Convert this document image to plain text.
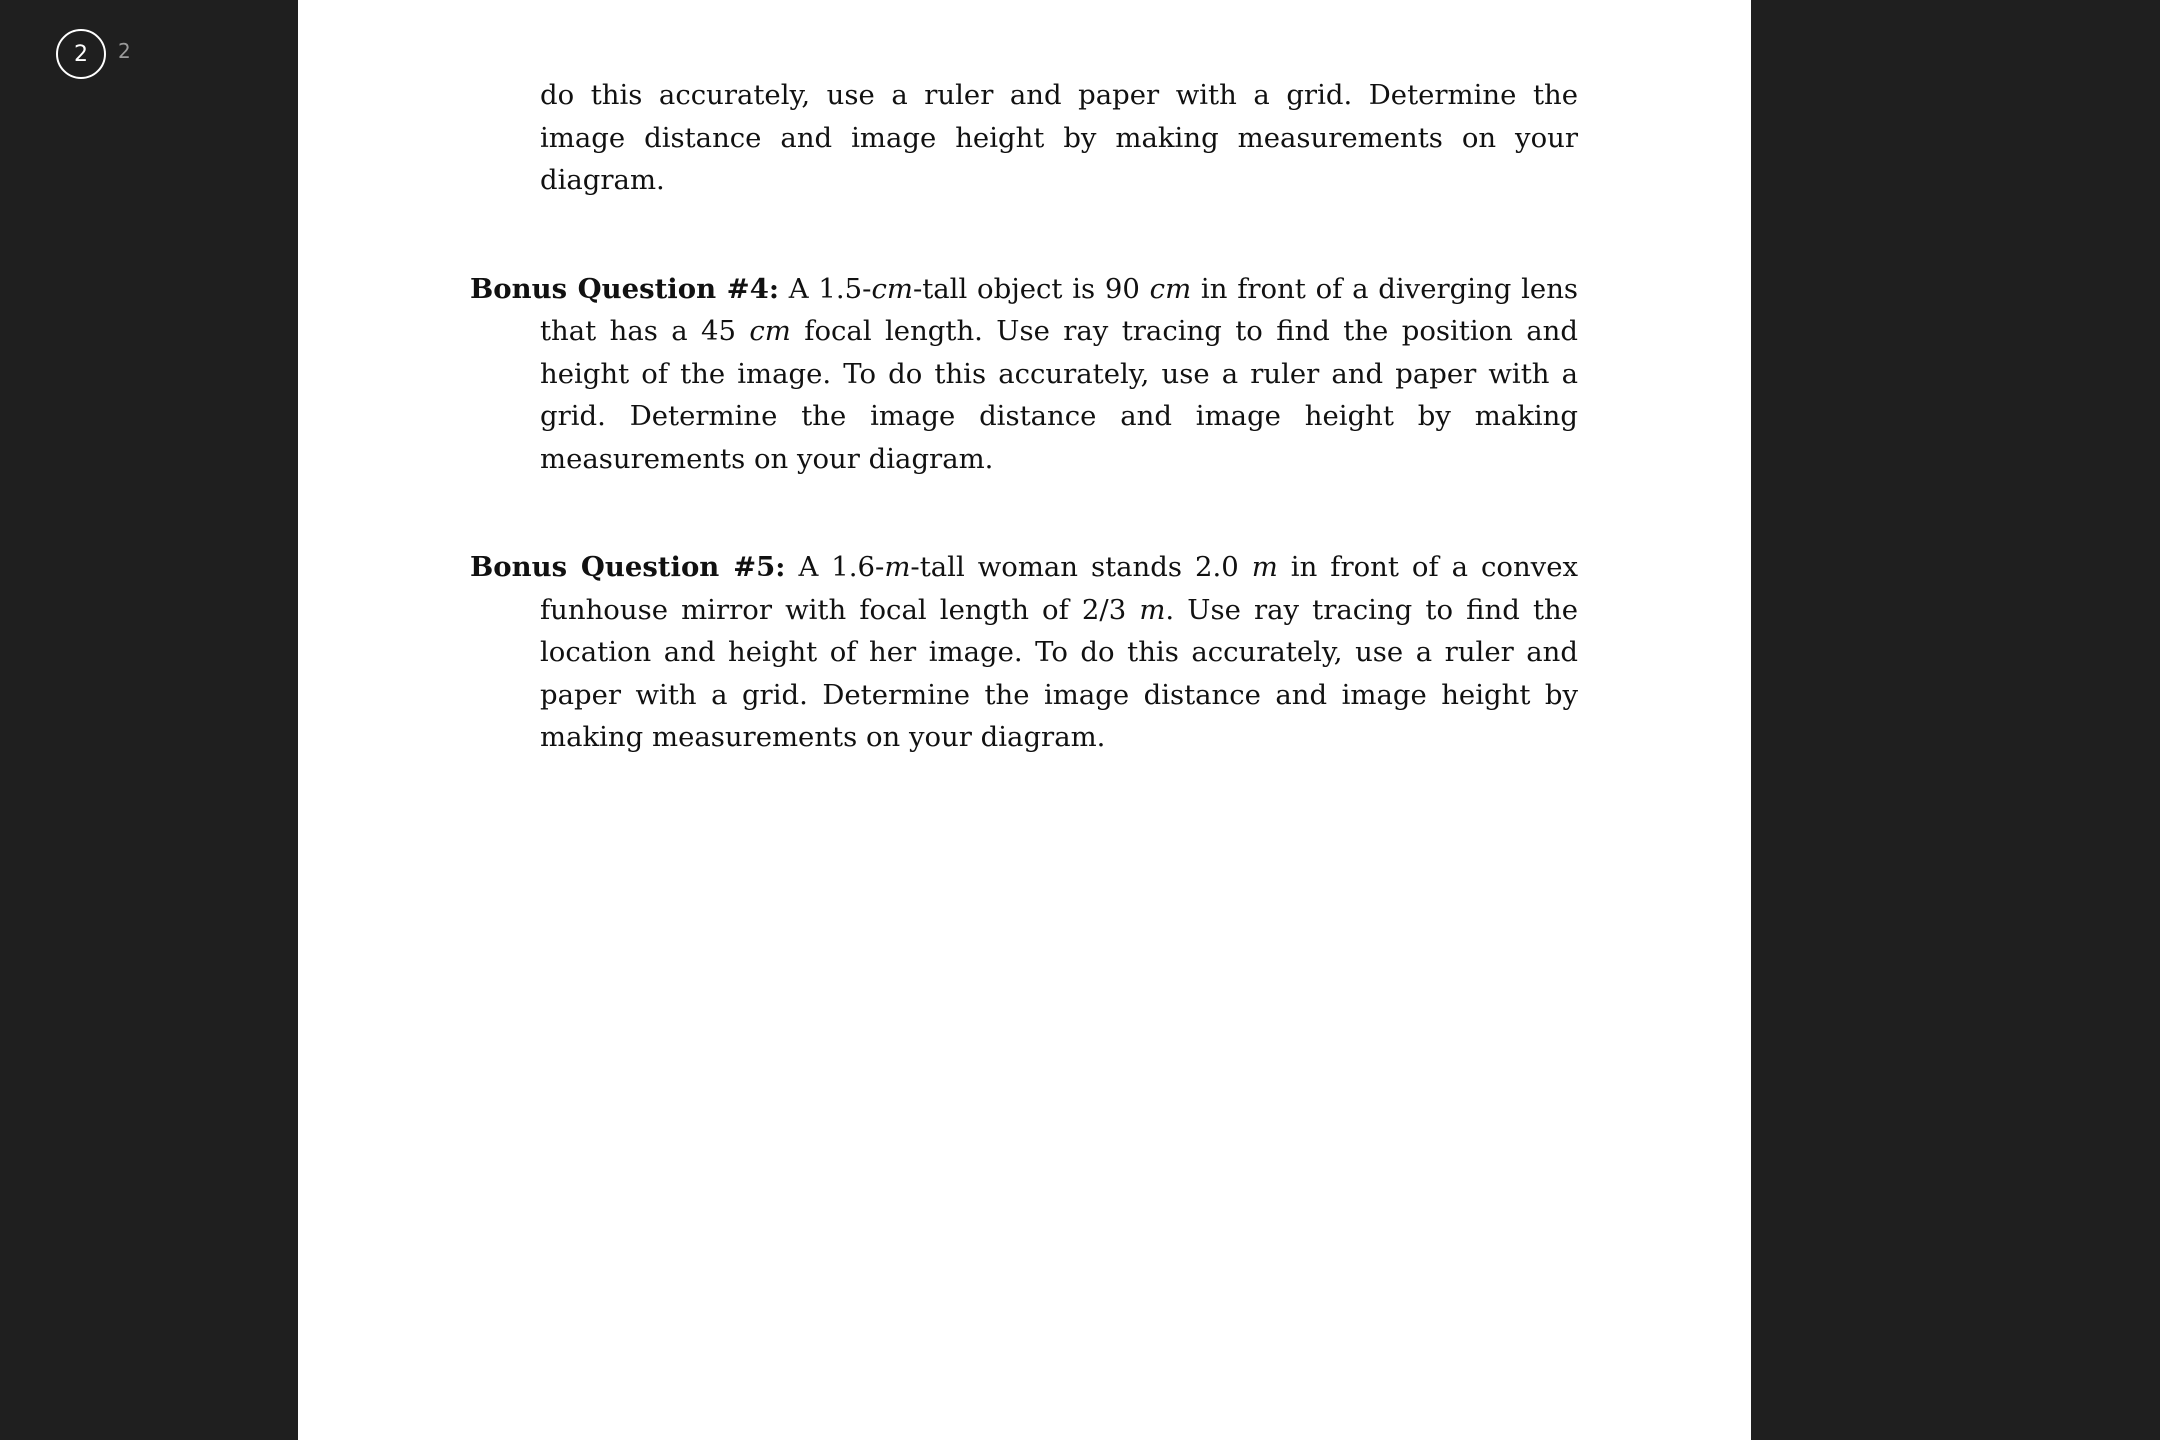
2 2

do this accurately, use a ruler and paper with a grid. Determine the image distance and image height by making measurements on your diagram.

Bonus Question #4: A 1.5-cm-tall object is 90 cm in front of a diverging lens that has a 45 cm focal length. Use ray tracing to find the position and height of the image. To do this accurately, use a ruler and paper with a grid. Determine the image distance and image height by making measurements on your diagram.

Bonus Question #5: A 1.6-m-tall woman stands 2.0 m in front of a convex funhouse mirror with focal length of 2/3 m. Use ray tracing to find the location and height of her image. To do this accurately, use a ruler and paper with a grid. Determine the image distance and image height by making measurements on your diagram.
